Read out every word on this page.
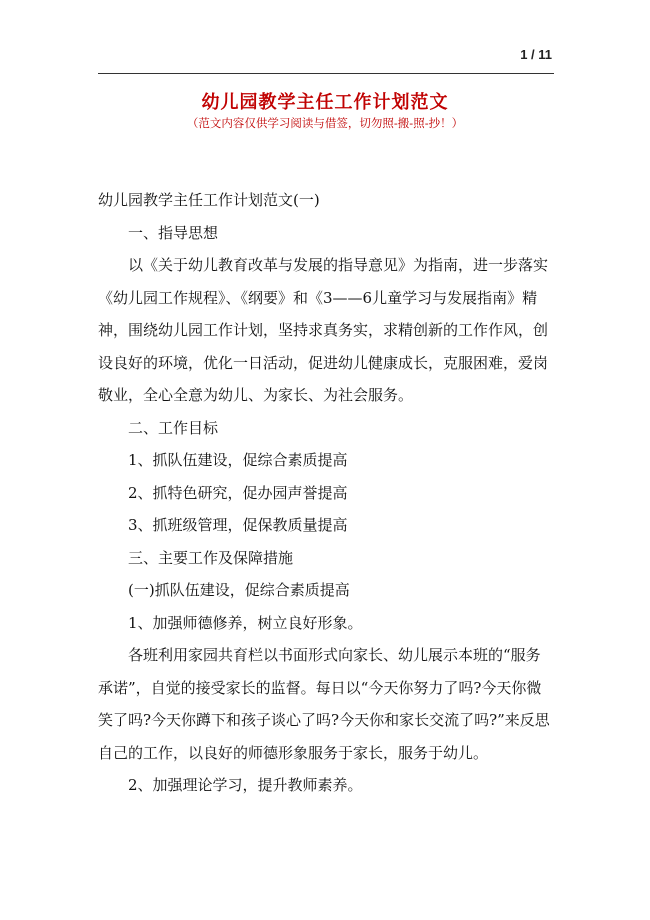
1 / 11
幼儿园教学主任工作计划范文
（范文内容仅供学习阅读与借签，切勿照-搬-照-抄！）

幼儿园教学主任工作计划范文(一)

一、指导思想

以《关于幼儿教育改革与发展的指导意见》为指南，进一步落实《幼儿园工作规程》、《纲要》和《3——6儿童学习与发展指南》精神，围绕幼儿园工作计划，坚持求真务实，求精创新的工作作风，创设良好的环境，优化一日活动，促进幼儿健康成长，克服困难，爱岗敬业，全心全意为幼儿、为家长、为社会服务。

二、工作目标

1、抓队伍建设，促综合素质提高

2、抓特色研究，促办园声誉提高

3、抓班级管理，促保教质量提高

三、主要工作及保障措施

(一)抓队伍建设，促综合素质提高

1、加强师德修养，树立良好形象。

各班利用家园共育栏以书面形式向家长、幼儿展示本班的“服务承诺”，自觉的接受家长的监督。每日以“今天你努力了吗?今天你微笑了吗?今天你蹲下和孩子谈心了吗?今天你和家长交流了吗?”来反思自己的工作，以良好的师德形象服务于家长，服务于幼儿。

2、加强理论学习，提升教师素养。
